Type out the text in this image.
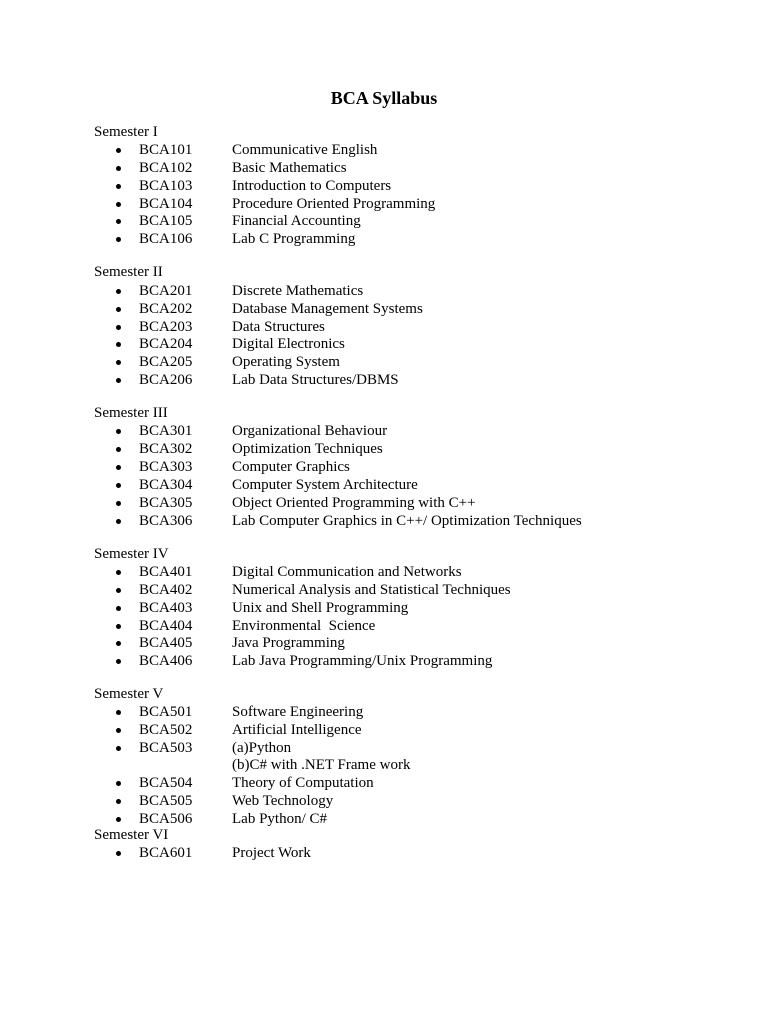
BCA Syllabus
Semester I
BCA101	Communicative English
BCA102	Basic Mathematics
BCA103	Introduction to Computers
BCA104	Procedure Oriented Programming
BCA105	Financial Accounting
BCA106	Lab C Programming
Semester II
BCA201	Discrete Mathematics
BCA202	Database Management Systems
BCA203	Data Structures
BCA204	Digital Electronics
BCA205	Operating System
BCA206	Lab Data Structures/DBMS
Semester III
BCA301	Organizational Behaviour
BCA302	Optimization Techniques
BCA303	Computer Graphics
BCA304	Computer System Architecture
BCA305	Object Oriented Programming with C++
BCA306	Lab Computer Graphics in C++/ Optimization Techniques
Semester IV
BCA401	Digital Communication and Networks
BCA402	Numerical Analysis and Statistical Techniques
BCA403	Unix and Shell Programming
BCA404	Environmental  Science
BCA405	Java Programming
BCA406	Lab Java Programming/Unix Programming
Semester V
BCA501	Software Engineering
BCA502	Artificial Intelligence
BCA503	(a)Python
(b)C# with .NET Frame work
BCA504	Theory of Computation
BCA505	Web Technology
BCA506	Lab Python/ C#
Semester VI
BCA601	Project Work
